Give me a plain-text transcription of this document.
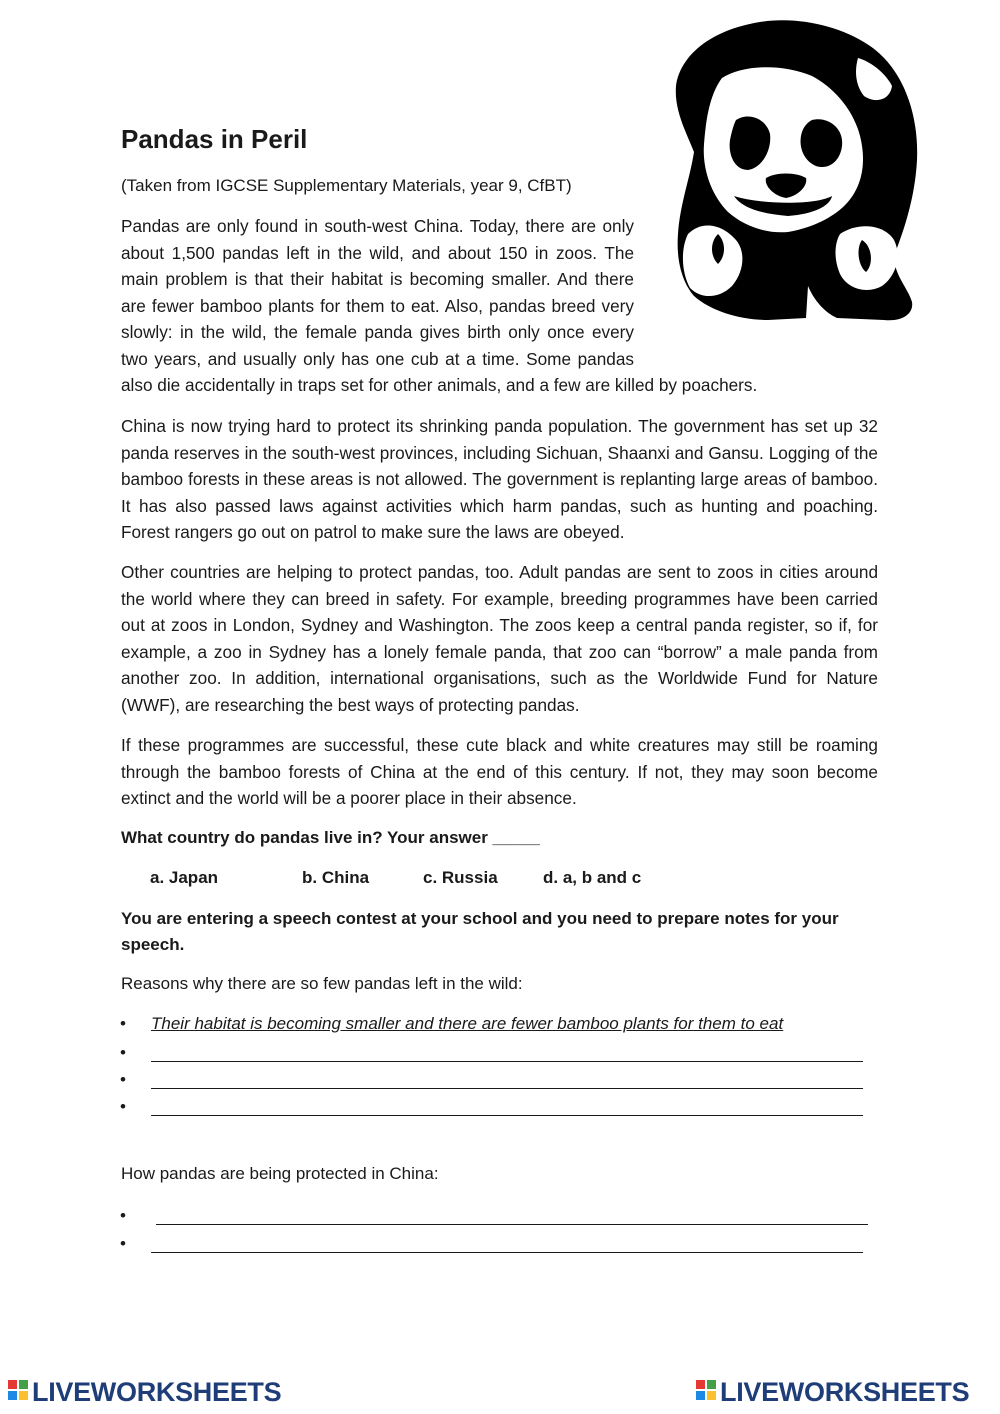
Pandas in Peril

(Taken from IGCSE Supplementary Materials, year 9, CfBT)

Pandas are only found in south-west China. Today, there are only about 1,500 pandas left in the wild, and about 150 in zoos. The main problem is that their habitat is becoming smaller. And there are fewer bamboo plants for them to eat. Also, pandas breed very slowly: in the wild, the female panda gives birth only once every two years, and usually only has one cub at a time. Some pandas also die accidentally in traps set for other animals, and a few are killed by poachers.

China is now trying hard to protect its shrinking panda population. The government has set up 32 panda reserves in the south-west provinces, including Sichuan, Shaanxi and Gansu. Logging of the bamboo forests in these areas is not allowed. The government is replanting large areas of bamboo. It has also passed laws against activities which harm pandas, such as hunting and poaching. Forest rangers go out on patrol to make sure the laws are obeyed.

Other countries are helping to protect pandas, too. Adult pandas are sent to zoos in cities around the world where they can breed in safety. For example, breeding programmes have been carried out at zoos in London, Sydney and Washington. The zoos keep a central panda register, so if, for example, a zoo in Sydney has a lonely female panda, that zoo can “borrow” a male panda from another zoo. In addition, international organisations, such as the Worldwide Fund for Nature (WWF), are researching the best ways of protecting pandas.

If these programmes are successful, these cute black and white creatures may still be roaming through the bamboo forests of China at the end of this century. If not, they may soon become extinct and the world will be a poorer place in their absence.

What country do pandas live in? Your answer _____

a. Japan	b. China	c. Russia	d. a, b and c

You are entering a speech contest at your school and you need to prepare notes for your speech.

Reasons why there are so few pandas left in the wild:

• Their habitat is becoming smaller and there are fewer bamboo plants for them to eat
•
•
•

How pandas are being protected in China:

•
•
LIVEWORKSHEETS	LIVEWORKSHEETS
